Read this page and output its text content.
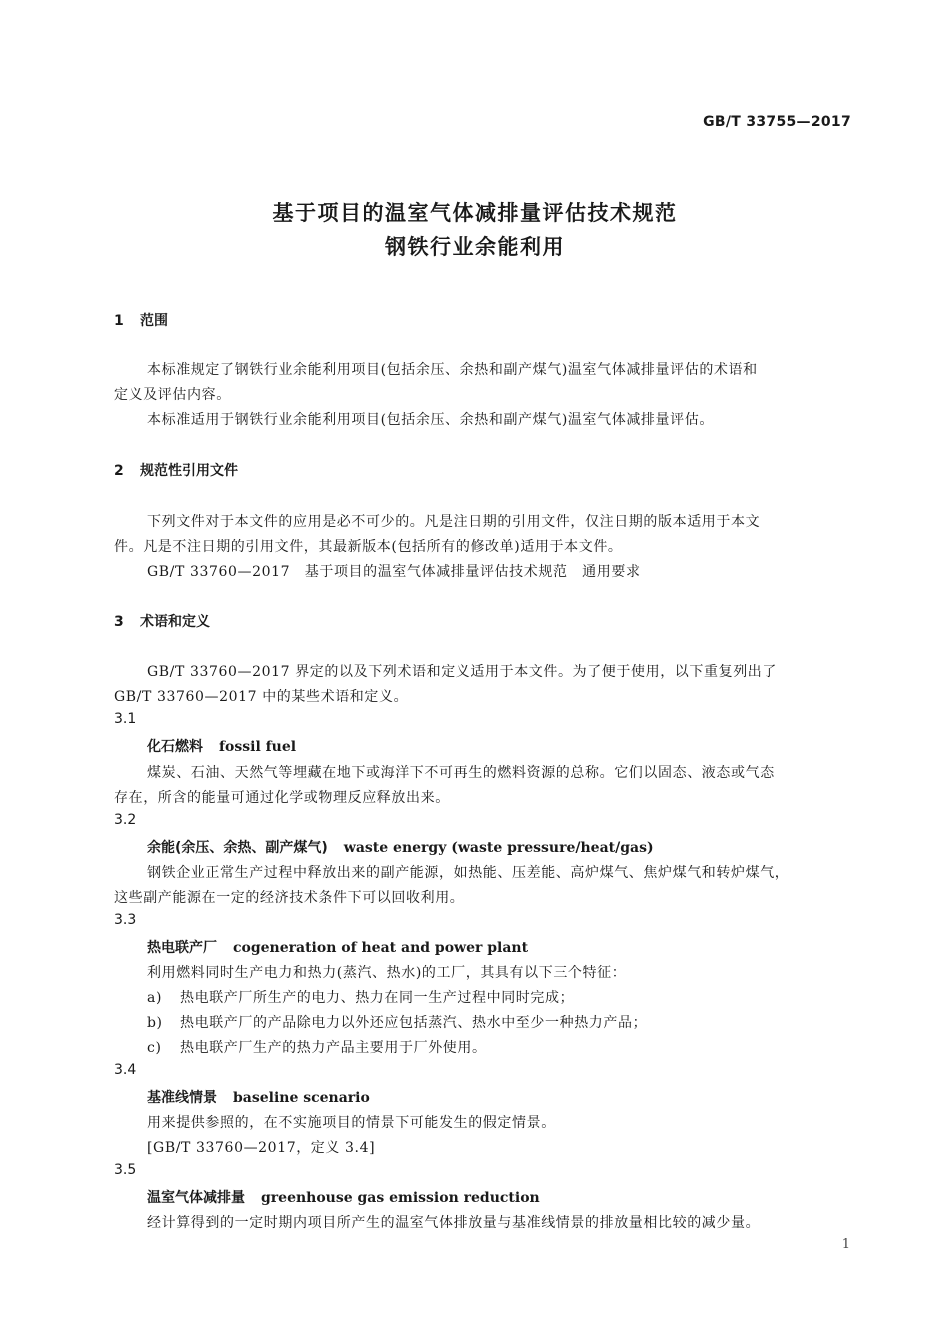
GB/T 33755—2017
基于项目的温室气体减排量评估技术规范
钢铁行业余能利用
1 范围
本标准规定了钢铁行业余能利用项目(包括余压、余热和副产煤气)温室气体减排量评估的术语和
定义及评估内容。
本标准适用于钢铁行业余能利用项目(包括余压、余热和副产煤气)温室气体减排量评估。
2 规范性引用文件
下列文件对于本文件的应用是必不可少的。凡是注日期的引用文件，仅注日期的版本适用于本文
件。凡是不注日期的引用文件，其最新版本(包括所有的修改单)适用于本文件。
GB/T 33760—2017　基于项目的温室气体减排量评估技术规范　通用要求
3 术语和定义
GB/T 33760—2017 界定的以及下列术语和定义适用于本文件。为了便于使用，以下重复列出了
GB/T 33760—2017 中的某些术语和定义。
3.1
化石燃料 fossil fuel
煤炭、石油、天然气等埋藏在地下或海洋下不可再生的燃料资源的总称。它们以固态、液态或气态
存在，所含的能量可通过化学或物理反应释放出来。
3.2
余能(余压、余热、副产煤气) waste energy (waste pressure/heat/gas)
钢铁企业正常生产过程中释放出来的副产能源，如热能、压差能、高炉煤气、焦炉煤气和转炉煤气，
这些副产能源在一定的经济技术条件下可以回收利用。
3.3
热电联产厂 cogeneration of heat and power plant
利用燃料同时生产电力和热力(蒸汽、热水)的工厂，其具有以下三个特征：
a) 热电联产厂所生产的电力、热力在同一生产过程中同时完成；
b) 热电联产厂的产品除电力以外还应包括蒸汽、热水中至少一种热力产品；
c) 热电联产厂生产的热力产品主要用于厂外使用。
3.4
基准线情景 baseline scenario
用来提供参照的，在不实施项目的情景下可能发生的假定情景。
[GB/T 33760—2017，定义 3.4]
3.5
温室气体减排量 greenhouse gas emission reduction
经计算得到的一定时期内项目所产生的温室气体排放量与基准线情景的排放量相比较的减少量。
1
